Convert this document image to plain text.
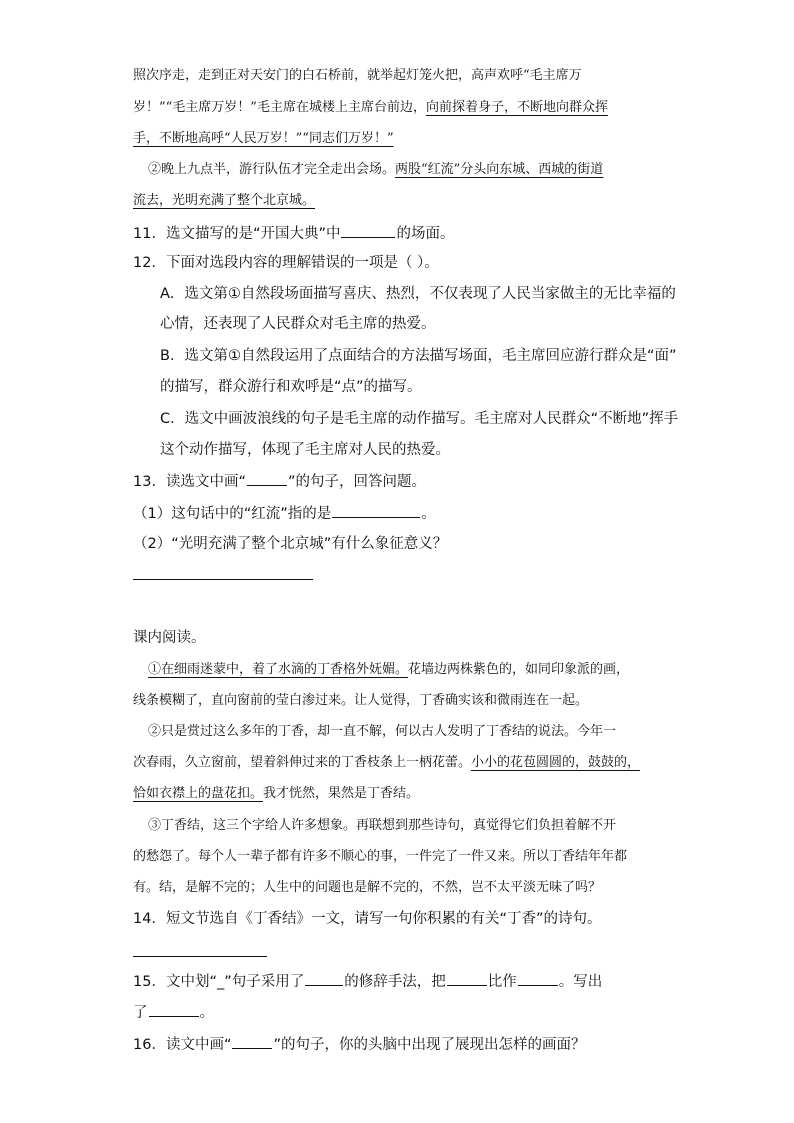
照次序走，走到正对天安门的白石桥前，就举起灯笼火把，高声欢呼“毛主席万
岁！”“毛主席万岁！”毛主席在城楼上主席台前边，向前探着身子，不断地向群众挥
手，不断地高呼“人民万岁！”“同志们万岁！”
②晚上九点半，游行队伍才完全走出会场。两股“红流”分头向东城、西城的街道
流去，光明充满了整个北京城。
11．选文描写的是“开国大典”中	的场面。
12．下面对选段内容的理解错误的一项是（ ）。
A．选文第①自然段场面描写喜庆、热烈，不仅表现了人民当家做主的无比幸福的
心情，还表现了人民群众对毛主席的热爱。
B．选文第①自然段运用了点面结合的方法描写场面，毛主席回应游行群众是“面”
的描写，群众游行和欢呼是“点”的描写。
C．选文中画波浪线的句子是毛主席的动作描写。毛主席对人民群众“不断地”挥手
这个动作描写，体现了毛主席对人民的热爱。
13．读选文中画“	”的句子，回答问题。
（1）这句话中的“红流”指的是	。
（2）“光明充满了整个北京城”有什么象征意义？
课内阅读。
①在细雨迷蒙中，着了水滴的丁香格外妩媚。花墙边两株紫色的，如同印象派的画，
线条模糊了，直向窗前的莹白渗过来。让人觉得，丁香确实该和微雨连在一起。
②只是赏过这么多年的丁香，却一直不解，何以古人发明了丁香结的说法。今年一
次春雨，久立窗前，望着斜伸过来的丁香枝条上一柄花蕾。小小的花苞圆圆的，鼓鼓的，
恰如衣襟上的盘花扣。我才恍然，果然是丁香结。
③丁香结，这三个字给人许多想象。再联想到那些诗句，真觉得它们负担着解不开
的愁怨了。每个人一辈子都有许多不顺心的事，一件完了一件又来。所以丁香结年年都
有。结，是解不完的；人生中的问题也是解不完的，不然，岂不太平淡无味了吗？
14．短文节选自《丁香结》一文，请写一句你积累的有关“丁香”的诗句。
15．文中划“_”句子采用了	的修辞手法，把	比作	。写出
了	。
16．读文中画“	”的句子，你的头脑中出现了展现出怎样的画面？
